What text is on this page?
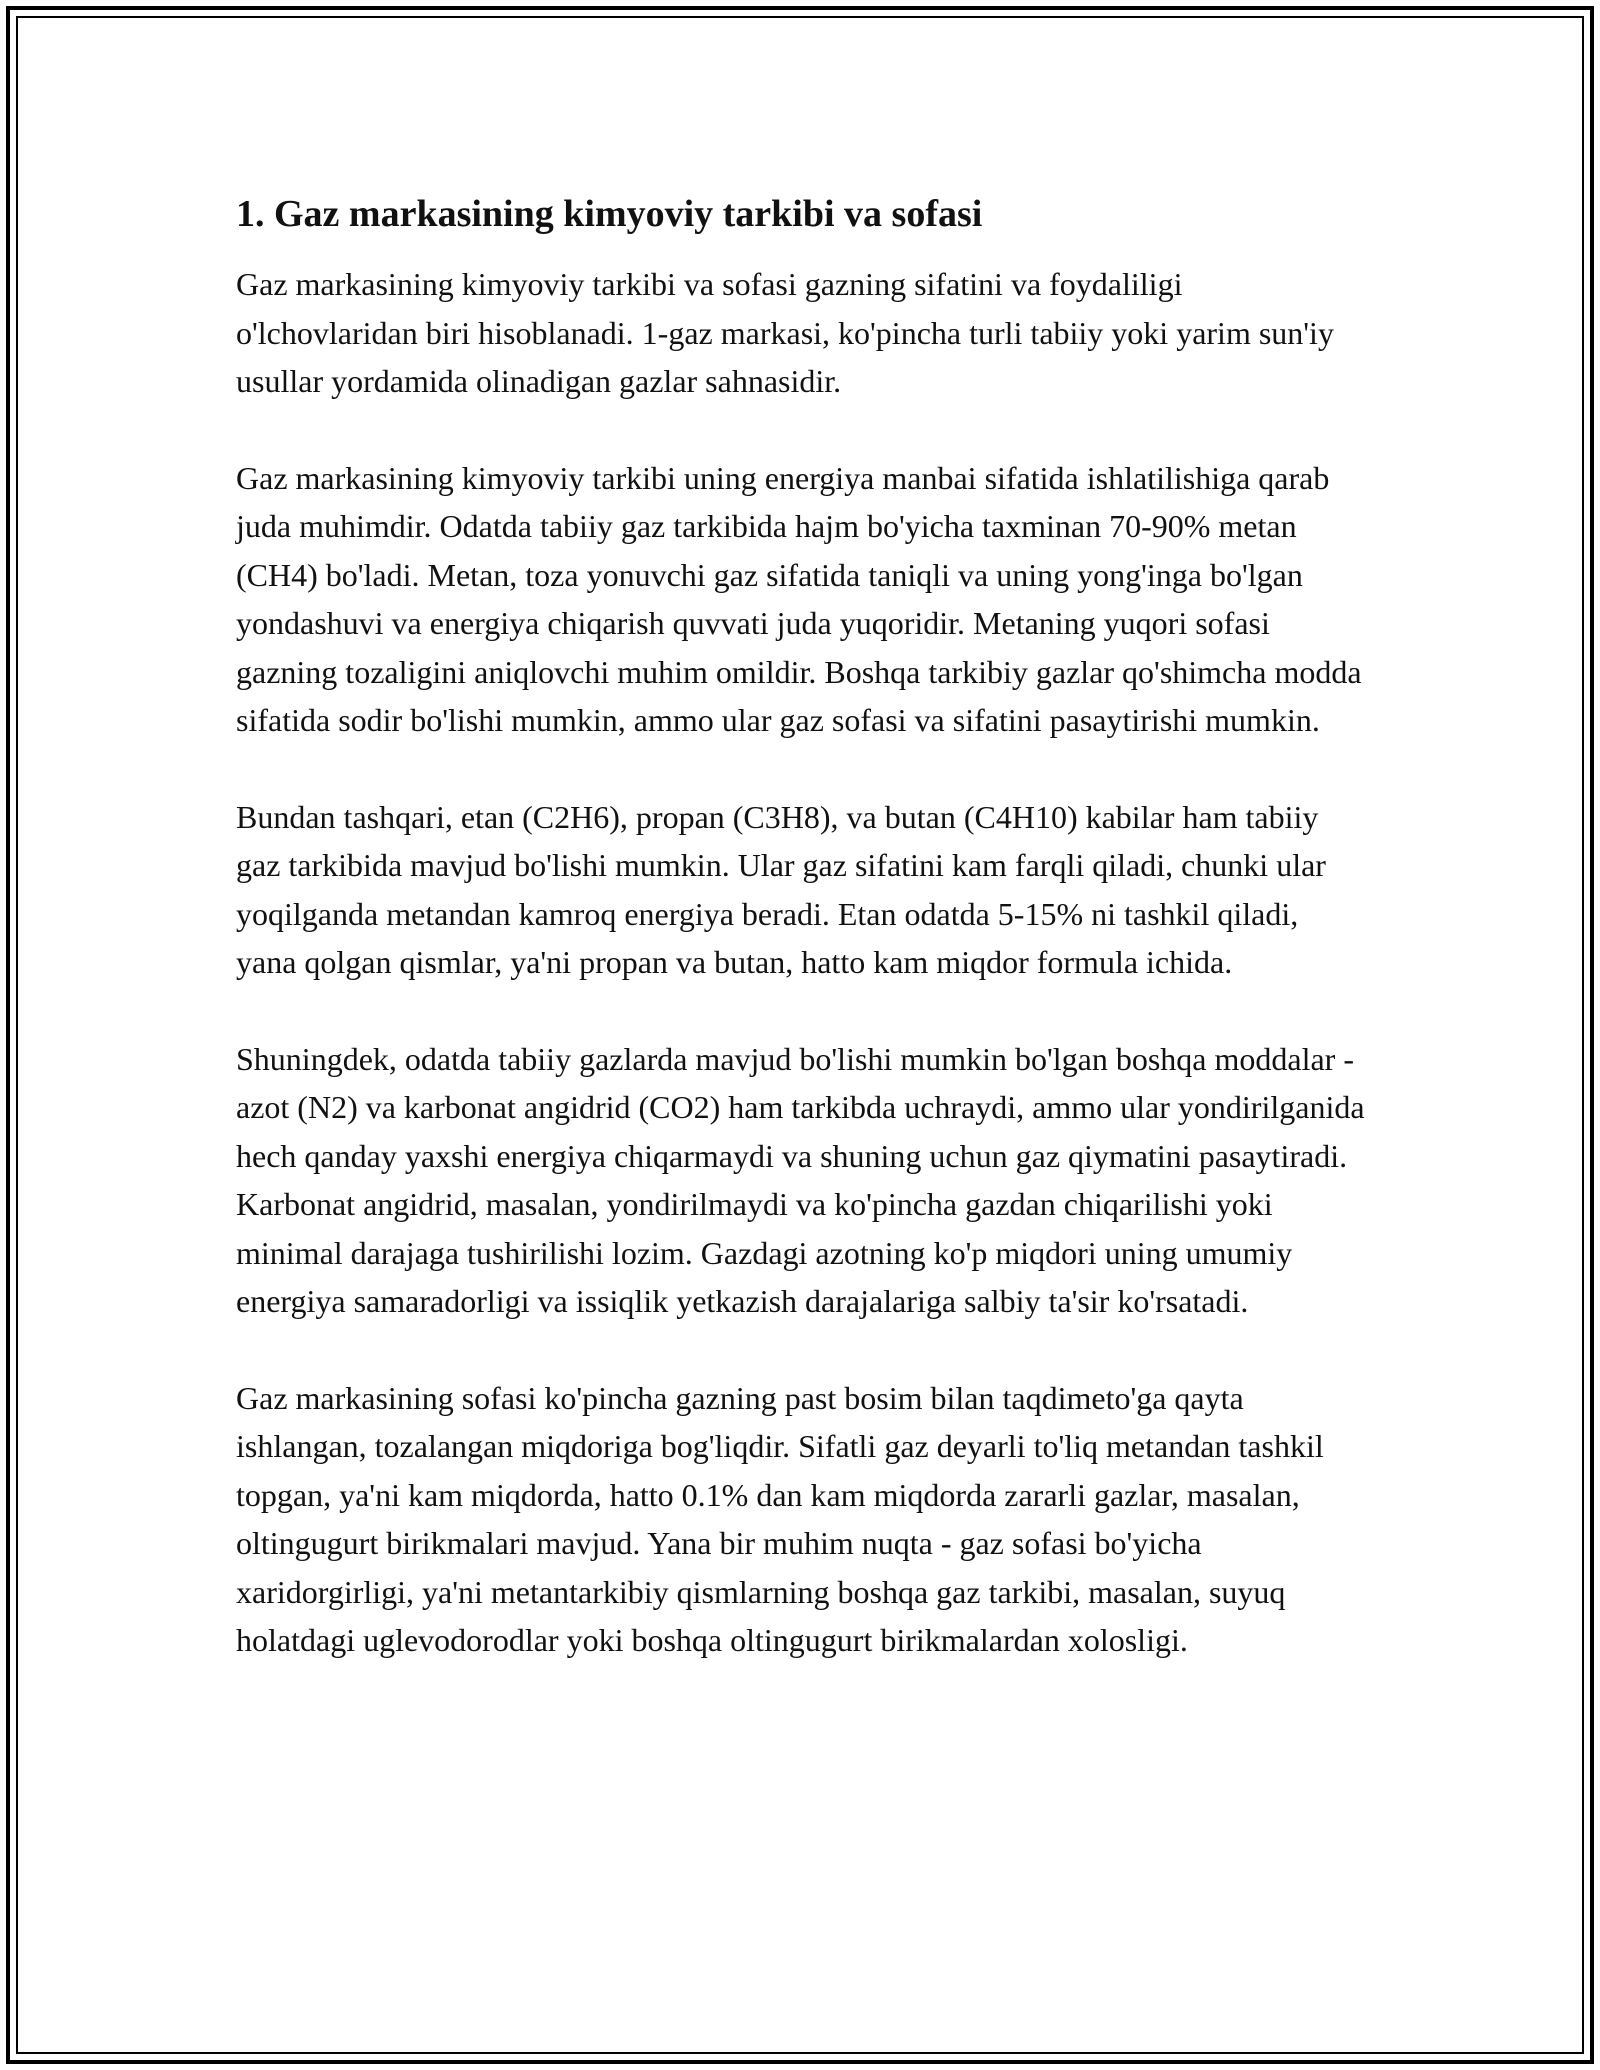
1. Gaz markasining kimyoviy tarkibi va sofasi

Gaz markasining kimyoviy tarkibi va sofasi gazning sifatini va foydaliligi o'lchovlaridan biri hisoblanadi. 1-gaz markasi, ko'pincha turli tabiiy yoki yarim sun'iy usullar yordamida olinadigan gazlar sahnasidir.

Gaz markasining kimyoviy tarkibi uning energiya manbai sifatida ishlatilishiga qarab juda muhimdir. Odatda tabiiy gaz tarkibida hajm bo'yicha taxminan 70-90% metan (CH4) bo'ladi. Metan, toza yonuvchi gaz sifatida taniqli va uning yong'inga bo'lgan yondashuvi va energiya chiqarish quvvati juda yuqoridir. Metaning yuqori sofasi gazning tozaligini aniqlovchi muhim omildir. Boshqa tarkibiy gazlar qo'shimcha modda sifatida sodir bo'lishi mumkin, ammo ular gaz sofasi va sifatini pasaytirishi mumkin.

Bundan tashqari, etan (C2H6), propan (C3H8), va butan (C4H10) kabilar ham tabiiy gaz tarkibida mavjud bo'lishi mumkin. Ular gaz sifatini kam farqli qiladi, chunki ular yoqilganda metandan kamroq energiya beradi. Etan odatda 5-15% ni tashkil qiladi, yana qolgan qismlar, ya'ni propan va butan, hatto kam miqdor formula ichida.

Shuningdek, odatda tabiiy gazlarda mavjud bo'lishi mumkin bo'lgan boshqa moddalar - azot (N2) va karbonat angidrid (CO2) ham tarkibda uchraydi, ammo ular yondirilganida hech qanday yaxshi energiya chiqarmaydi va shuning uchun gaz qiymatini pasaytiradi. Karbonat angidrid, masalan, yondirilmaydi va ko'pincha gazdan chiqarilishi yoki minimal darajaga tushirilishi lozim. Gazdagi azotning ko'p miqdori uning umumiy energiya samaradorligi va issiqlik yetkazish darajalariga salbiy ta'sir ko'rsatadi.

Gaz markasining sofasi ko'pincha gazning past bosim bilan taqdimeto'ga qayta ishlangan, tozalangan miqdoriga bog'liqdir. Sifatli gaz deyarli to'liq metandan tashkil topgan, ya'ni kam miqdorda, hatto 0.1% dan kam miqdorda zararli gazlar, masalan, oltingugurt birikmalari mavjud. Yana bir muhim nuqta - gaz sofasi bo'yicha xaridorgirligi, ya'ni metantarkibiy qismlarning boshqa gaz tarkibi, masalan, suyuq holatdagi uglevodorodlar yoki boshqa oltingugurt birikmalardan xolosligi.
